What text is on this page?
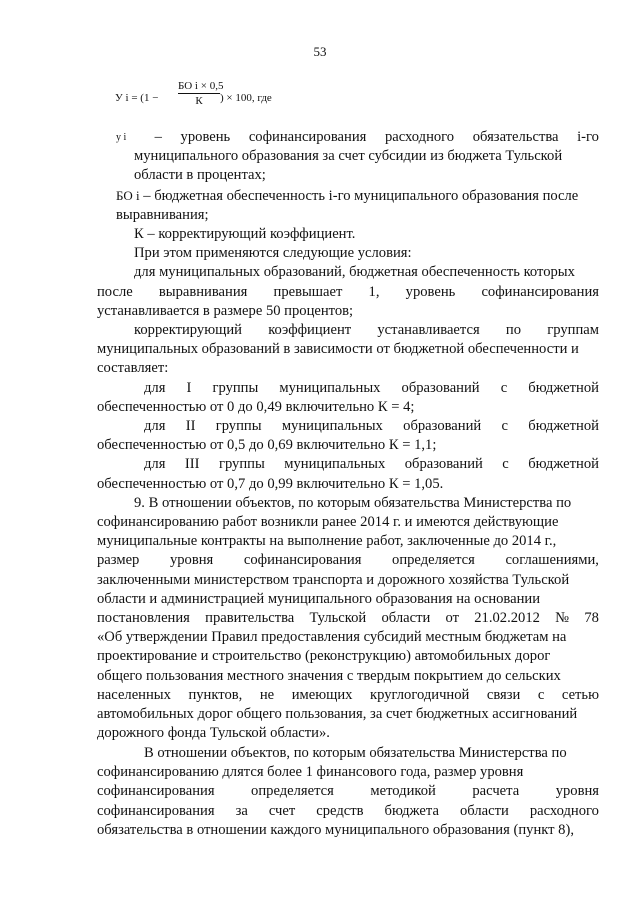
53
У i = (1 −
БО i × 0,5
К	) × 100, где
у i	– уровень софинансирования расходного обязательства i-го
муниципального образования за счет субсидии из бюджета Тульской
области в процентах;
БО i – бюджетная обеспеченность i-го муниципального образования после
выравнивания;
К – корректирующий коэффициент.
При этом применяются следующие условия:
для муниципальных образований, бюджетная обеспеченность которых
после выравнивания превышает 1, уровень софинансирования
устанавливается в размере 50 процентов;
корректирующий коэффициент устанавливается по группам
муниципальных образований в зависимости от бюджетной обеспеченности и
составляет:
для I группы муниципальных образований с бюджетной
обеспеченностью от 0 до 0,49 включительно К = 4;
для II группы муниципальных образований с бюджетной
обеспеченностью от 0,5 до 0,69 включительно К = 1,1;
для III группы муниципальных образований с бюджетной
обеспеченностью от 0,7 до 0,99 включительно К = 1,05.
9. В отношении объектов, по которым обязательства Министерства по
софинансированию работ возникли ранее 2014 г. и имеются действующие
муниципальные контракты на выполнение работ, заключенные до 2014 г.,
размер уровня софинансирования определяется соглашениями,
заключенными министерством транспорта и дорожного хозяйства Тульской
области и администрацией муниципального образования на основании
постановления правительства Тульской области от 21.02.2012 № 78
«Об утверждении Правил предоставления субсидий местным бюджетам на
проектирование и строительство (реконструкцию) автомобильных дорог
общего пользования местного значения с твердым покрытием до сельских
населенных пунктов, не имеющих круглогодичной связи с сетью
автомобильных дорог общего пользования, за счет бюджетных ассигнований
дорожного фонда Тульской области».
В отношении объектов, по которым обязательства Министерства по
софинансированию длятся более 1 финансового года, размер уровня
софинансирования	определяется	методикой	расчета	уровня
софинансирования за счет средств бюджета области расходного
обязательства в отношении каждого муниципального образования (пункт 8),
